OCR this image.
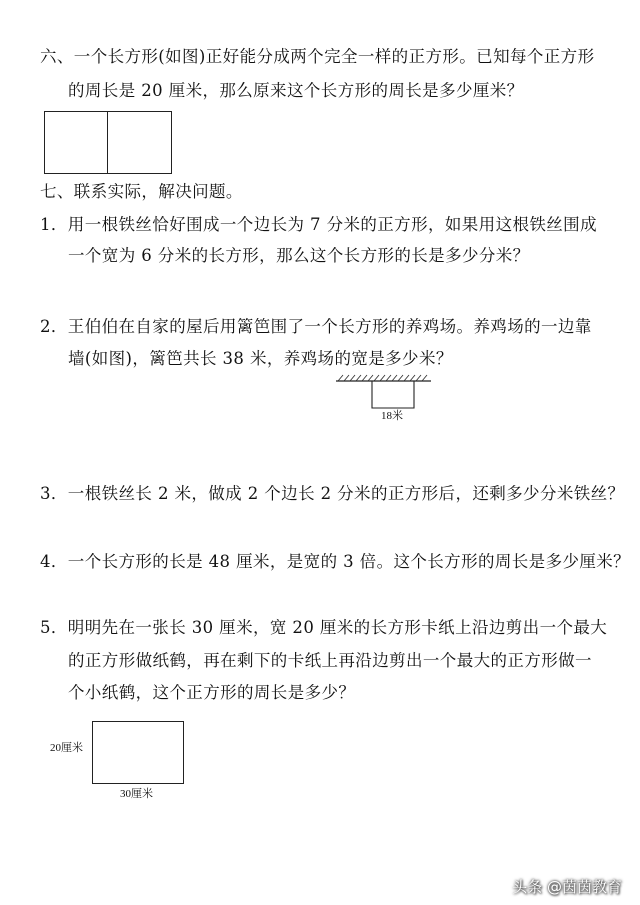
六、一个长方形(如图)正好能分成两个完全一样的正方形。已知每个正方形
的周长是 20 厘米，那么原来这个长方形的周长是多少厘米？
七、联系实际，解决问题。
1．用一根铁丝恰好围成一个边长为 7 分米的正方形，如果用这根铁丝围成
一个宽为 6 分米的长方形，那么这个长方形的长是多少分米？
2．王伯伯在自家的屋后用篱笆围了一个长方形的养鸡场。养鸡场的一边靠
墙(如图)，篱笆共长 38 米，养鸡场的宽是多少米？
18米
3．一根铁丝长 2 米，做成 2 个边长 2 分米的正方形后，还剩多少分米铁丝？
4．一个长方形的长是 48 厘米，是宽的 3 倍。这个长方形的周长是多少厘米？
5．明明先在一张长 30 厘米，宽 20 厘米的长方形卡纸上沿边剪出一个最大
的正方形做纸鹤，再在剩下的卡纸上再沿边剪出一个最大的正方形做一
个小纸鹤，这个正方形的周长是多少？
20厘米
30厘米
头条 @茵茵教育
